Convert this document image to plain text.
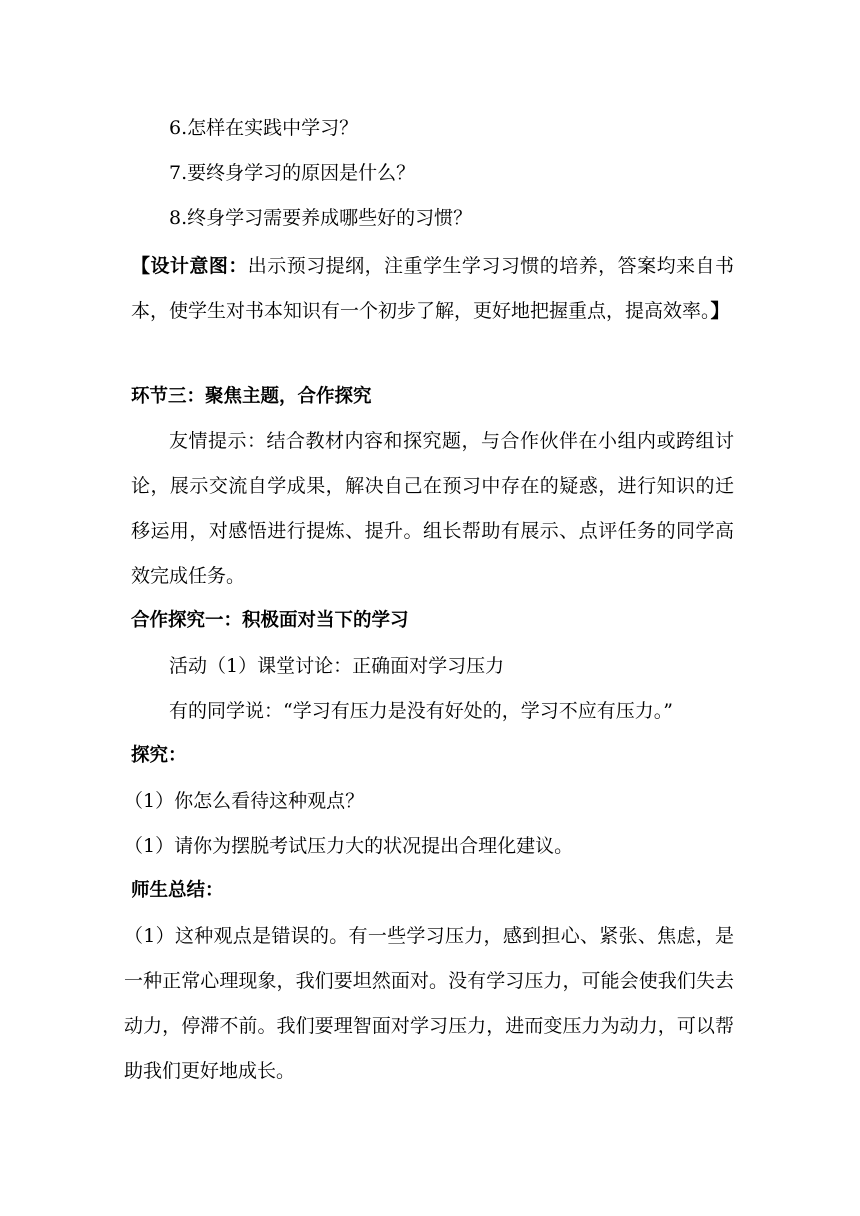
6.怎样在实践中学习？
7.要终身学习的原因是什么？
8.终身学习需要养成哪些好的习惯？
【设计意图：出示预习提纲，注重学生学习习惯的培养，答案均来自书本，使学生对书本知识有一个初步了解，更好地把握重点，提高效率。】
环节三：聚焦主题，合作探究
友情提示：结合教材内容和探究题，与合作伙伴在小组内或跨组讨论，展示交流自学成果，解决自己在预习中存在的疑惑，进行知识的迁移运用，对感悟进行提炼、提升。组长帮助有展示、点评任务的同学高效完成任务。
合作探究一：积极面对当下的学习
活动（1）课堂讨论：正确面对学习压力
有的同学说：“学习有压力是没有好处的，学习不应有压力。”
探究：
（1）你怎么看待这种观点？
（1）请你为摆脱考试压力大的状况提出合理化建议。
师生总结：
（1）这种观点是错误的。有一些学习压力，感到担心、紧张、焦虑，是一种正常心理现象，我们要坦然面对。没有学习压力，可能会使我们失去动力，停滞不前。我们要理智面对学习压力，进而变压力为动力，可以帮助我们更好地成长。
